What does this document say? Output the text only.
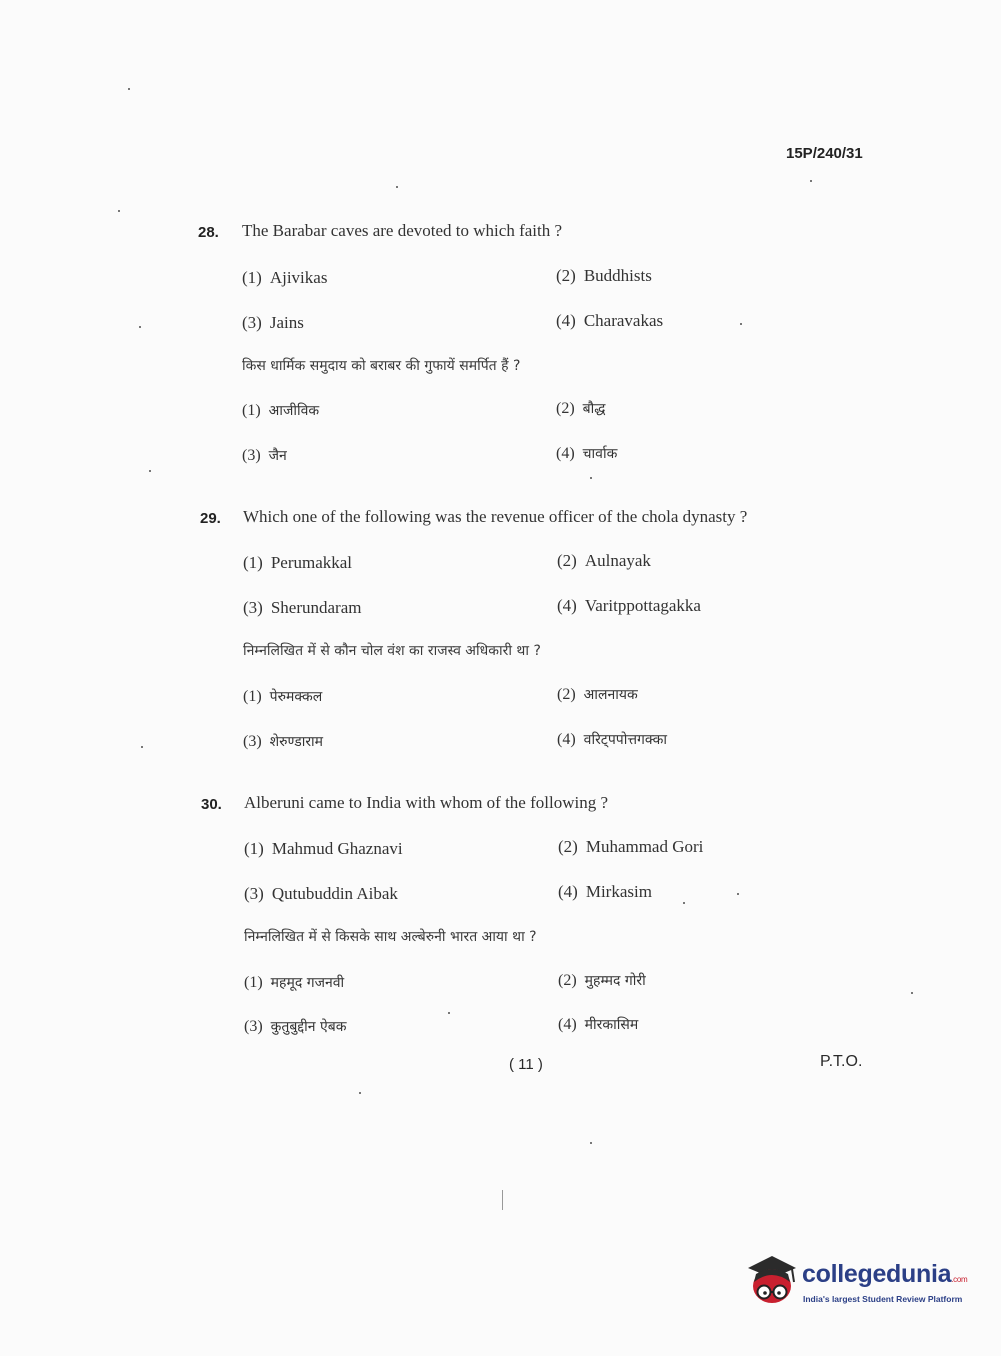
15P/240/31
28. The Barabar caves are devoted to which faith ?
(1) Ajivikas	(2) Buddhists
(3) Jains	(4) Charavakas
किस धार्मिक समुदाय को बराबर की गुफायें समर्पित हैं ?
(1) आजीविक	(2) बौद्ध
(3) जैन	(4) चार्वाक
29. Which one of the following was the revenue officer of the chola dynasty ?
(1) Perumakkal	(2) Aulnayak
(3) Sherundaram	(4) Varitppottagakka
निम्नलिखित में से कौन चोल वंश का राजस्व अधिकारी था ?
(1) पेरुमक्कल	(2) आलनायक
(3) शेरुण्डाराम	(4) वरिट्पपोत्तगक्का
30. Alberuni came to India with whom of the following ?
(1) Mahmud Ghaznavi	(2) Muhammad Gori
(3) Qutubuddin Aibak	(4) Mirkasim
निम्नलिखित में से किसके साथ अल्बेरुनी भारत आया था ?
(1) महमूद गजनवी	(2) मुहम्मद गोरी
(3) कुतुबुद्दीन ऐबक	(4) मीरकासिम
( 11 )	P.T.O.
collegedunia.com
India's largest Student Review Platform
